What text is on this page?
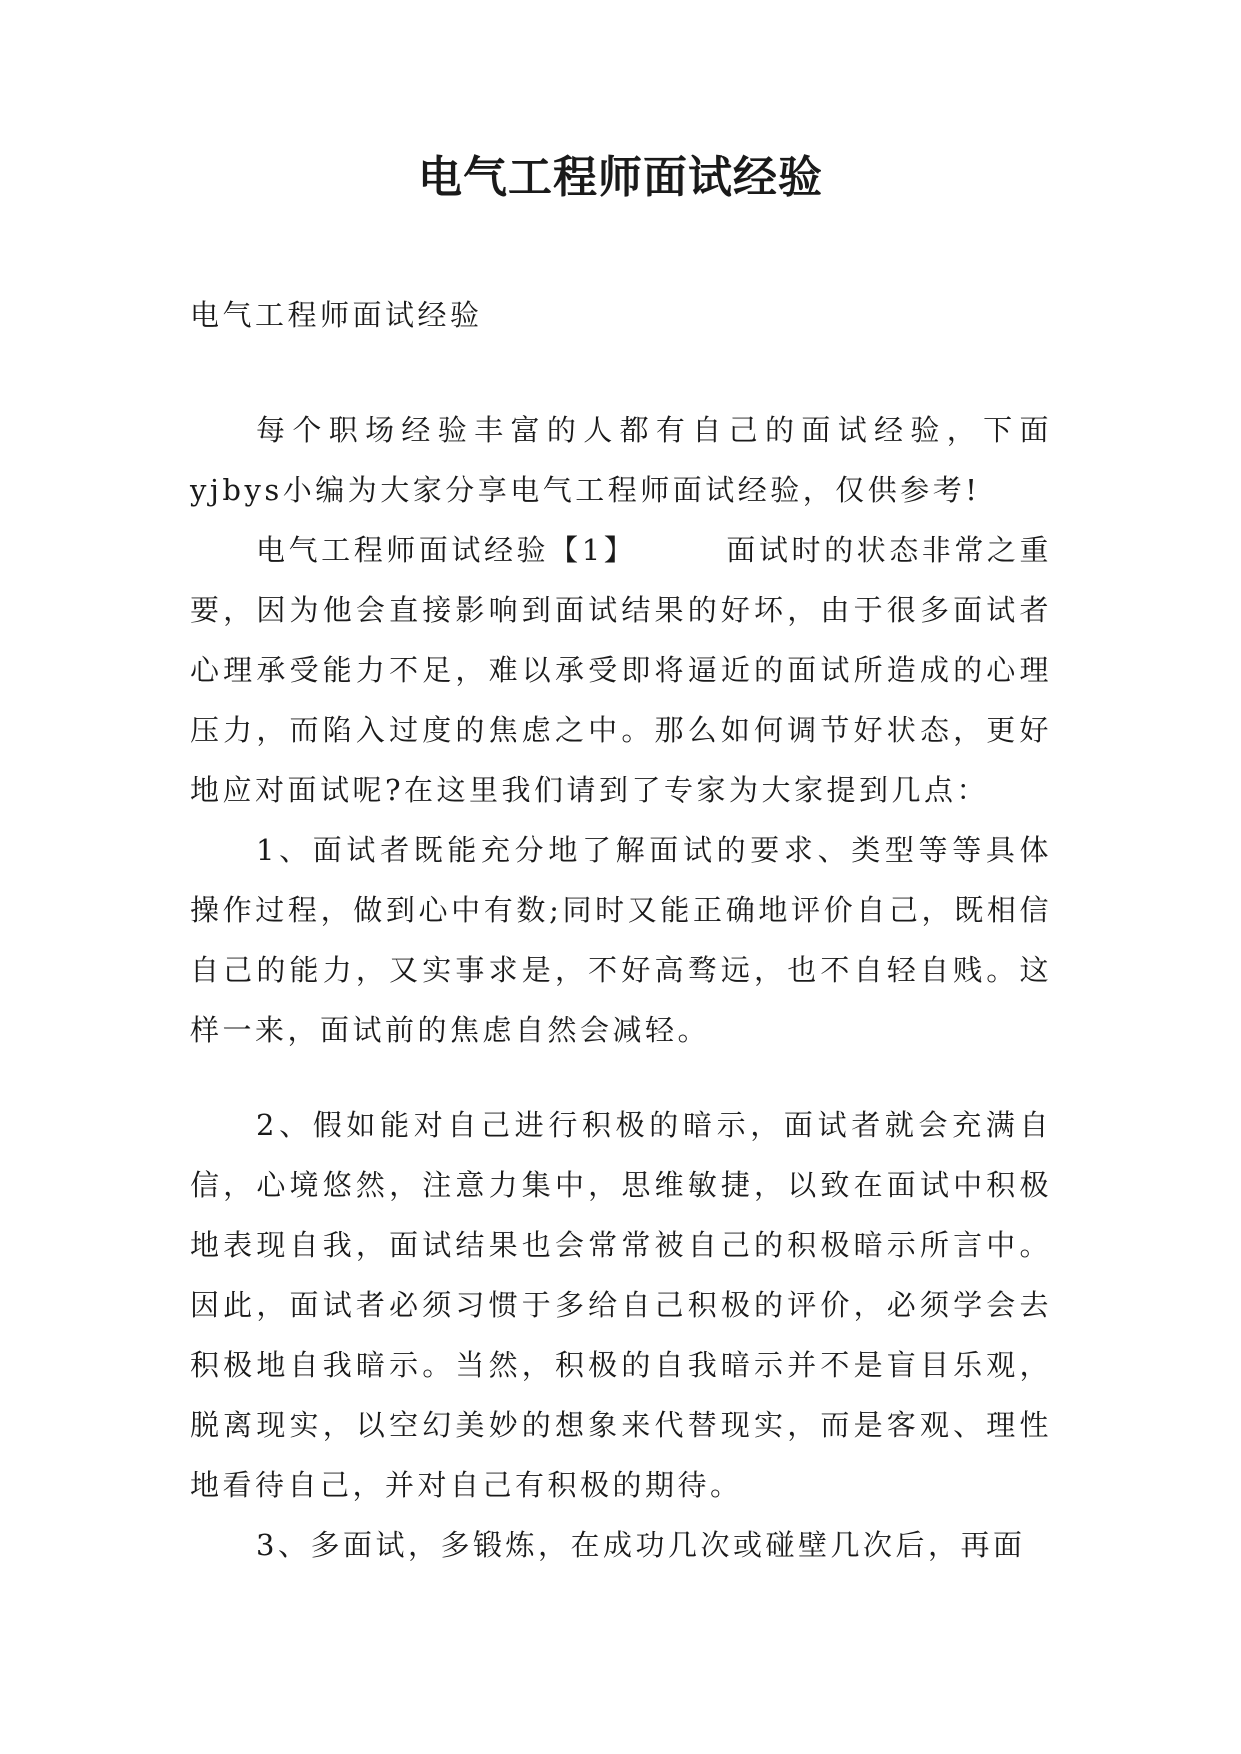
电气工程师面试经验
电气工程师面试经验
每个职场经验丰富的人都有自己的面试经验，下面yjbys小编为大家分享电气工程师面试经验，仅供参考!
电气工程师面试经验【1】	面试时的状态非常之重要，因为他会直接影响到面试结果的好坏，由于很多面试者心理承受能力不足，难以承受即将逼近的面试所造成的心理压力，而陷入过度的焦虑之中。那么如何调节好状态，更好地应对面试呢?在这里我们请到了专家为大家提到几点：
1、面试者既能充分地了解面试的要求、类型等等具体操作过程，做到心中有数;同时又能正确地评价自己，既相信自己的能力，又实事求是，不好高骛远，也不自轻自贱。这样一来，面试前的焦虑自然会减轻。
2、假如能对自己进行积极的暗示，面试者就会充满自信，心境悠然，注意力集中，思维敏捷，以致在面试中积极地表现自我，面试结果也会常常被自己的积极暗示所言中。因此，面试者必须习惯于多给自己积极的评价，必须学会去积极地自我暗示。当然，积极的自我暗示并不是盲目乐观，脱离现实，以空幻美妙的想象来代替现实，而是客观、理性地看待自己，并对自己有积极的期待。
3、多面试，多锻炼，在成功几次或碰壁几次后，再面
